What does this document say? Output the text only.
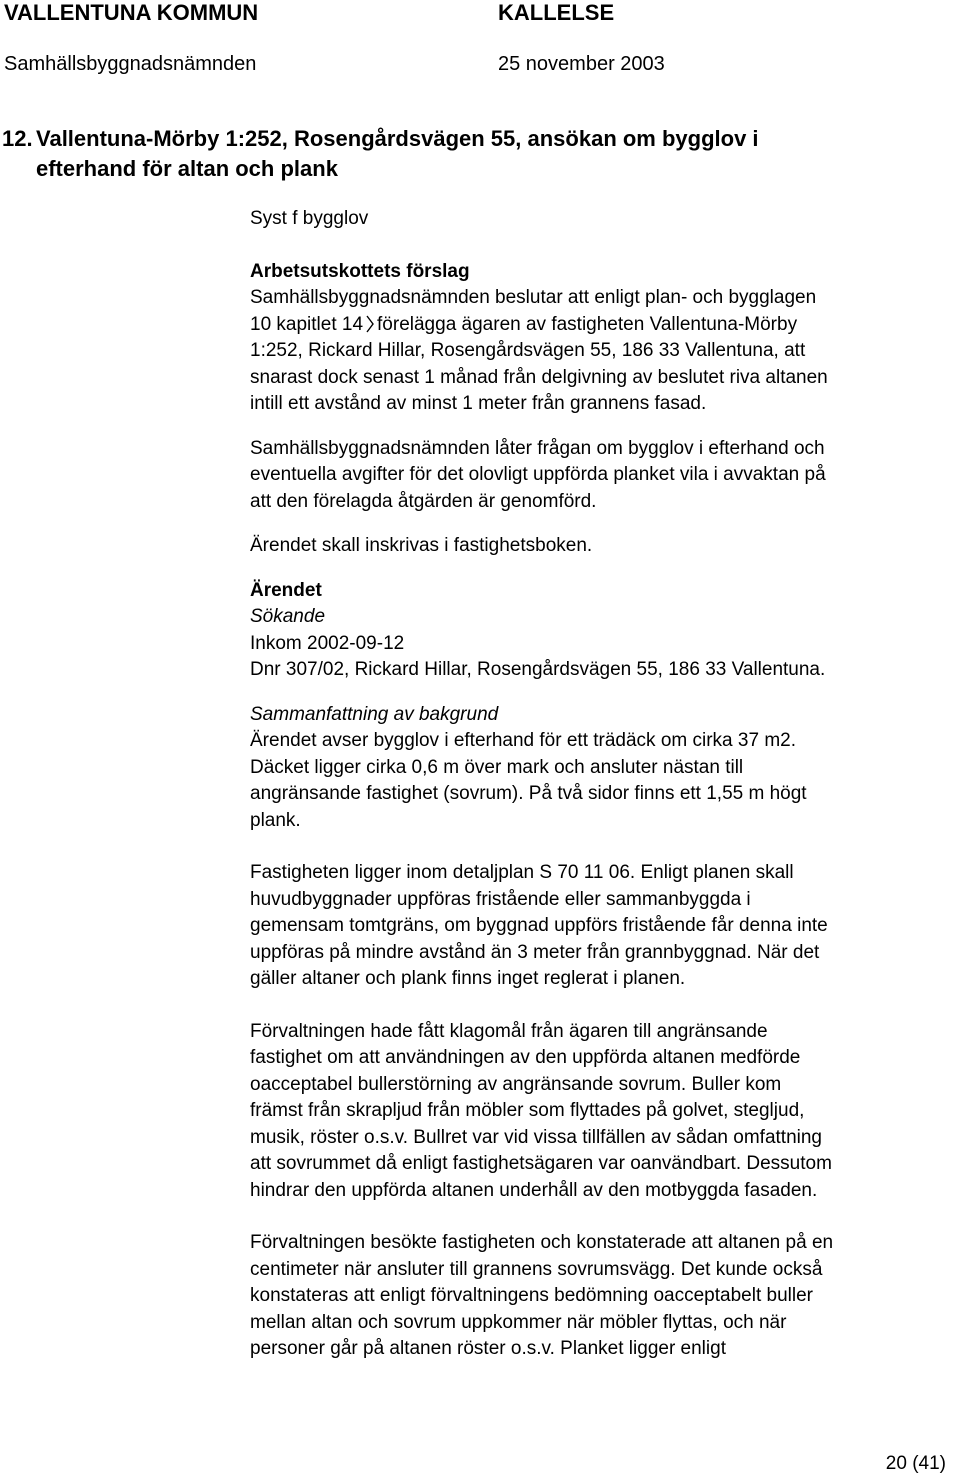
VALLENTUNA KOMMUN	KALLELSE
Samhällsbyggnadsnämnden	25 november 2003
12. Vallentuna-Mörby 1:252, Rosengårdsvägen 55, ansökan om bygglov i
efterhand för altan och plank
Syst f bygglov
Arbetsutskottets förslag
Samhällsbyggnadsnämnden beslutar att enligt plan- och bygglagen
10 kapitlet 14 förelägga ägaren av fastigheten Vallentuna-Mörby
1:252, Rickard Hillar, Rosengårdsvägen 55, 186 33 Vallentuna, att
snarast dock senast 1 månad från delgivning av beslutet riva altanen
intill ett avstånd av minst 1 meter från grannens fasad.
Samhällsbyggnadsnämnden låter frågan om bygglov i efterhand och
eventuella avgifter för det olovligt uppförda planket vila i avvaktan på
att den förelagda åtgärden är genomförd.
Ärendet skall inskrivas i fastighetsboken.
Ärendet
Sökande
Inkom 2002-09-12
Dnr 307/02, Rickard Hillar, Rosengårdsvägen 55, 186 33 Vallentuna.
Sammanfattning av bakgrund
Ärendet avser bygglov i efterhand för ett trädäck om cirka 37 m2.
Däcket ligger cirka 0,6 m över mark och ansluter nästan till
angränsande fastighet (sovrum). På två sidor finns ett 1,55 m högt
plank.
Fastigheten ligger inom detaljplan S 70 11 06. Enligt planen skall
huvudbyggnader uppföras fristående eller sammanbyggda i
gemensam tomtgräns, om byggnad uppförs fristående får denna inte
uppföras på mindre avstånd än 3 meter från grannbyggnad. När det
gäller altaner och plank finns inget reglerat i planen.
Förvaltningen hade fått klagomål från ägaren till angränsande
fastighet om att användningen av den uppförda altanen medförde
oacceptabel bullerstörning av angränsande sovrum. Buller kom
främst från skrapljud från möbler som flyttades på golvet, stegljud,
musik, röster o.s.v. Bullret var vid vissa tillfällen av sådan omfattning
att sovrummet då enligt fastighetsägaren var oanvändbart. Dessutom
hindrar den uppförda altanen underhåll av den motbyggda fasaden.
Förvaltningen besökte fastigheten och konstaterade att altanen på en
centimeter när ansluter till grannens sovrumsvägg. Det kunde också
konstateras att enligt förvaltningens bedömning oacceptabelt buller
mellan altan och sovrum uppkommer när möbler flyttas, och när
personer går på altanen röster o.s.v. Planket ligger enligt
20 (41)
